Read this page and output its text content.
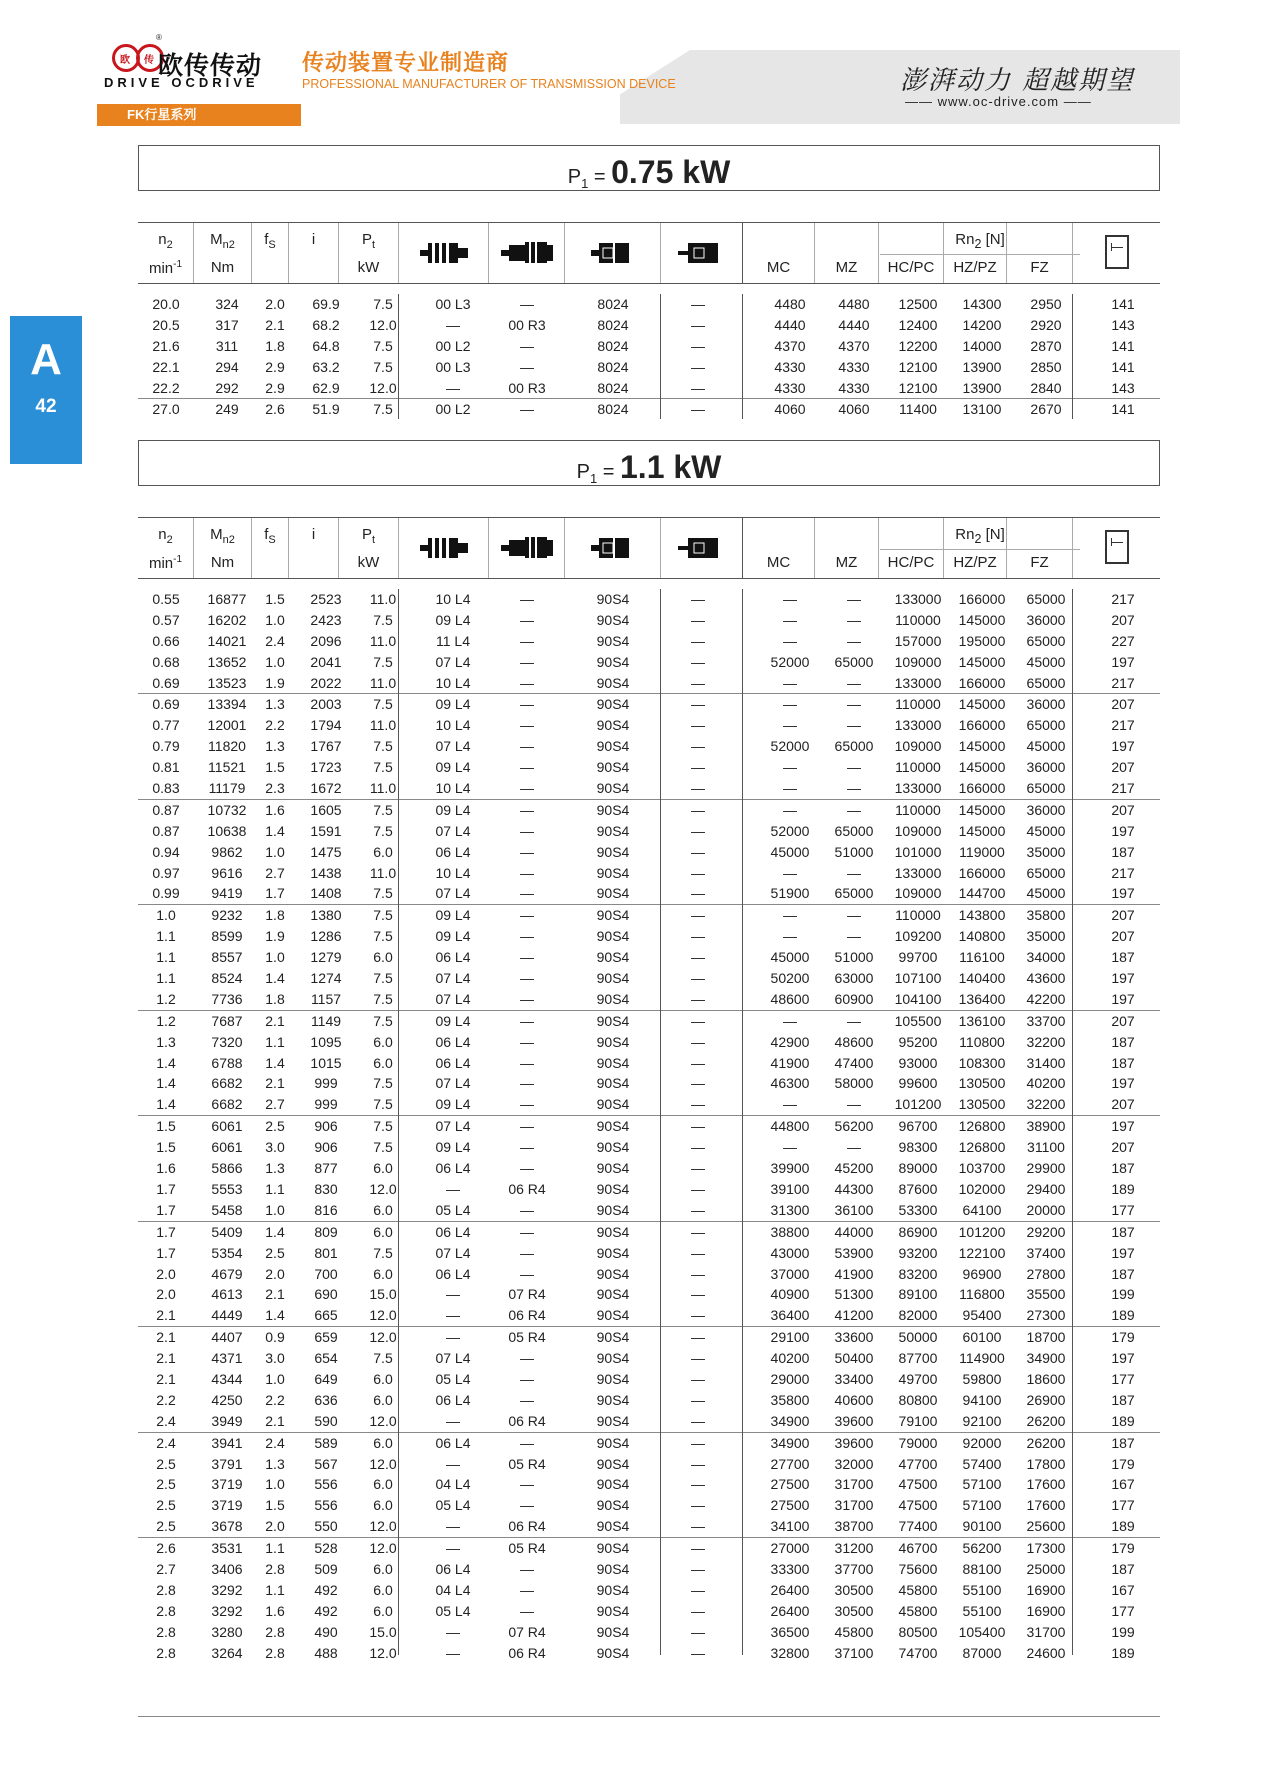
欧 传
®
欧传传动
DRIVE OCDRIVE
传动装置专业制造商
PROFESSIONAL MANUFACTURER OF TRANSMISSION DEVICE	澎湃动力 超越期望
—— www.oc-drive.com ——
FK行星系列
A
42
$P_1 = 0.75$ kW
$n_2$
$\min^{-1}$
$M_{n2}$
Nm
$f_S$	i	$P_t$
kW	MC	MZ	HC/PC	HZ/PZ	FZ
$Rn_2$ [N]
20.0	324	2.0	69.9	7.5	00 L3	—	8024	—	4480	4480	12500	14300	2950	141
20.5	317	2.1	68.2	12.0	—	00 R3	8024	—	4440	4440	12400	14200	2920	143
21.6	311	1.8	64.8	7.5	00 L2	—	8024	—	4370	4370	12200	14000	2870	141
22.1	294	2.9	63.2	7.5	00 L3	—	8024	—	4330	4330	12100	13900	2850	141
22.2	292	2.9	62.9	12.0	—	00 R3	8024	—	4330	4330	12100	13900	2840	143
27.0	249	2.6	51.9	7.5	00 L2	—	8024	—	4060	4060	11400	13100	2670	141
$P_1 = 1.1$ kW
$n_2$
$\min^{-1}$
$M_{n2}$
Nm
$f_S$	i	$P_t$
kW	MC	MZ	HC/PC	HZ/PZ	FZ
$Rn_2$ [N]
0.55	16877	1.5	2523	11.0	10 L4	—	90S4	—	—	—	133000	166000	65000	217
0.57	16202	1.0	2423	7.5	09 L4	—	90S4	—	—	—	110000	145000	36000	207
0.66	14021	2.4	2096	11.0	11 L4	—	90S4	—	—	—	157000	195000	65000	227
0.68	13652	1.0	2041	7.5	07 L4	—	90S4	—	52000	65000	109000	145000	45000	197
0.69	13523	1.9	2022	11.0	10 L4	—	90S4	—	—	—	133000	166000	65000	217
0.69	13394	1.3	2003	7.5	09 L4	—	90S4	—	—	—	110000	145000	36000	207
0.77	12001	2.2	1794	11.0	10 L4	—	90S4	—	—	—	133000	166000	65000	217
0.79	11820	1.3	1767	7.5	07 L4	—	90S4	—	52000	65000	109000	145000	45000	197
0.81	11521	1.5	1723	7.5	09 L4	—	90S4	—	—	—	110000	145000	36000	207
0.83	11179	2.3	1672	11.0	10 L4	—	90S4	—	—	—	133000	166000	65000	217
0.87	10732	1.6	1605	7.5	09 L4	—	90S4	—	—	—	110000	145000	36000	207
0.87	10638	1.4	1591	7.5	07 L4	—	90S4	—	52000	65000	109000	145000	45000	197
0.94	9862	1.0	1475	6.0	06 L4	—	90S4	—	45000	51000	101000	119000	35000	187
0.97	9616	2.7	1438	11.0	10 L4	—	90S4	—	—	—	133000	166000	65000	217
0.99	9419	1.7	1408	7.5	07 L4	—	90S4	—	51900	65000	109000	144700	45000	197
1.0	9232	1.8	1380	7.5	09 L4	—	90S4	—	—	—	110000	143800	35800	207
1.1	8599	1.9	1286	7.5	09 L4	—	90S4	—	—	—	109200	140800	35000	207
1.1	8557	1.0	1279	6.0	06 L4	—	90S4	—	45000	51000	99700	116100	34000	187
1.1	8524	1.4	1274	7.5	07 L4	—	90S4	—	50200	63000	107100	140400	43600	197
1.2	7736	1.8	1157	7.5	07 L4	—	90S4	—	48600	60900	104100	136400	42200	197
1.2	7687	2.1	1149	7.5	09 L4	—	90S4	—	—	—	105500	136100	33700	207
1.3	7320	1.1	1095	6.0	06 L4	—	90S4	—	42900	48600	95200	110800	32200	187
1.4	6788	1.4	1015	6.0	06 L4	—	90S4	—	41900	47400	93000	108300	31400	187
1.4	6682	2.1	999	7.5	07 L4	—	90S4	—	46300	58000	99600	130500	40200	197
1.4	6682	2.7	999	7.5	09 L4	—	90S4	—	—	—	101200	130500	32200	207
1.5	6061	2.5	906	7.5	07 L4	—	90S4	—	44800	56200	96700	126800	38900	197
1.5	6061	3.0	906	7.5	09 L4	—	90S4	—	—	—	98300	126800	31100	207
1.6	5866	1.3	877	6.0	06 L4	—	90S4	—	39900	45200	89000	103700	29900	187
1.7	5553	1.1	830	12.0	—	06 R4	90S4	—	39100	44300	87600	102000	29400	189
1.7	5458	1.0	816	6.0	05 L4	—	90S4	—	31300	36100	53300	64100	20000	177
1.7	5409	1.4	809	6.0	06 L4	—	90S4	—	38800	44000	86900	101200	29200	187
1.7	5354	2.5	801	7.5	07 L4	—	90S4	—	43000	53900	93200	122100	37400	197
2.0	4679	2.0	700	6.0	06 L4	—	90S4	—	37000	41900	83200	96900	27800	187
2.0	4613	2.1	690	15.0	—	07 R4	90S4	—	40900	51300	89100	116800	35500	199
2.1	4449	1.4	665	12.0	—	06 R4	90S4	—	36400	41200	82000	95400	27300	189
2.1	4407	0.9	659	12.0	—	05 R4	90S4	—	29100	33600	50000	60100	18700	179
2.1	4371	3.0	654	7.5	07 L4	—	90S4	—	40200	50400	87700	114900	34900	197
2.1	4344	1.0	649	6.0	05 L4	—	90S4	—	29000	33400	49700	59800	18600	177
2.2	4250	2.2	636	6.0	06 L4	—	90S4	—	35800	40600	80800	94100	26900	187
2.4	3949	2.1	590	12.0	—	06 R4	90S4	—	34900	39600	79100	92100	26200	189
2.4	3941	2.4	589	6.0	06 L4	—	90S4	—	34900	39600	79000	92000	26200	187
2.5	3791	1.3	567	12.0	—	05 R4	90S4	—	27700	32000	47700	57400	17800	179
2.5	3719	1.0	556	6.0	04 L4	—	90S4	—	27500	31700	47500	57100	17600	167
2.5	3719	1.5	556	6.0	05 L4	—	90S4	—	27500	31700	47500	57100	17600	177
2.5	3678	2.0	550	12.0	—	06 R4	90S4	—	34100	38700	77400	90100	25600	189
2.6	3531	1.1	528	12.0	—	05 R4	90S4	—	27000	31200	46700	56200	17300	179
2.7	3406	2.8	509	6.0	06 L4	—	90S4	—	33300	37700	75600	88100	25000	187
2.8	3292	1.1	492	6.0	04 L4	—	90S4	—	26400	30500	45800	55100	16900	167
2.8	3292	1.6	492	6.0	05 L4	—	90S4	—	26400	30500	45800	55100	16900	177
2.8	3280	2.8	490	15.0	—	07 R4	90S4	—	36500	45800	80500	105400	31700	199
2.8	3264	2.8	488	12.0	—	06 R4	90S4	—	32800	37100	74700	87000	24600	189
